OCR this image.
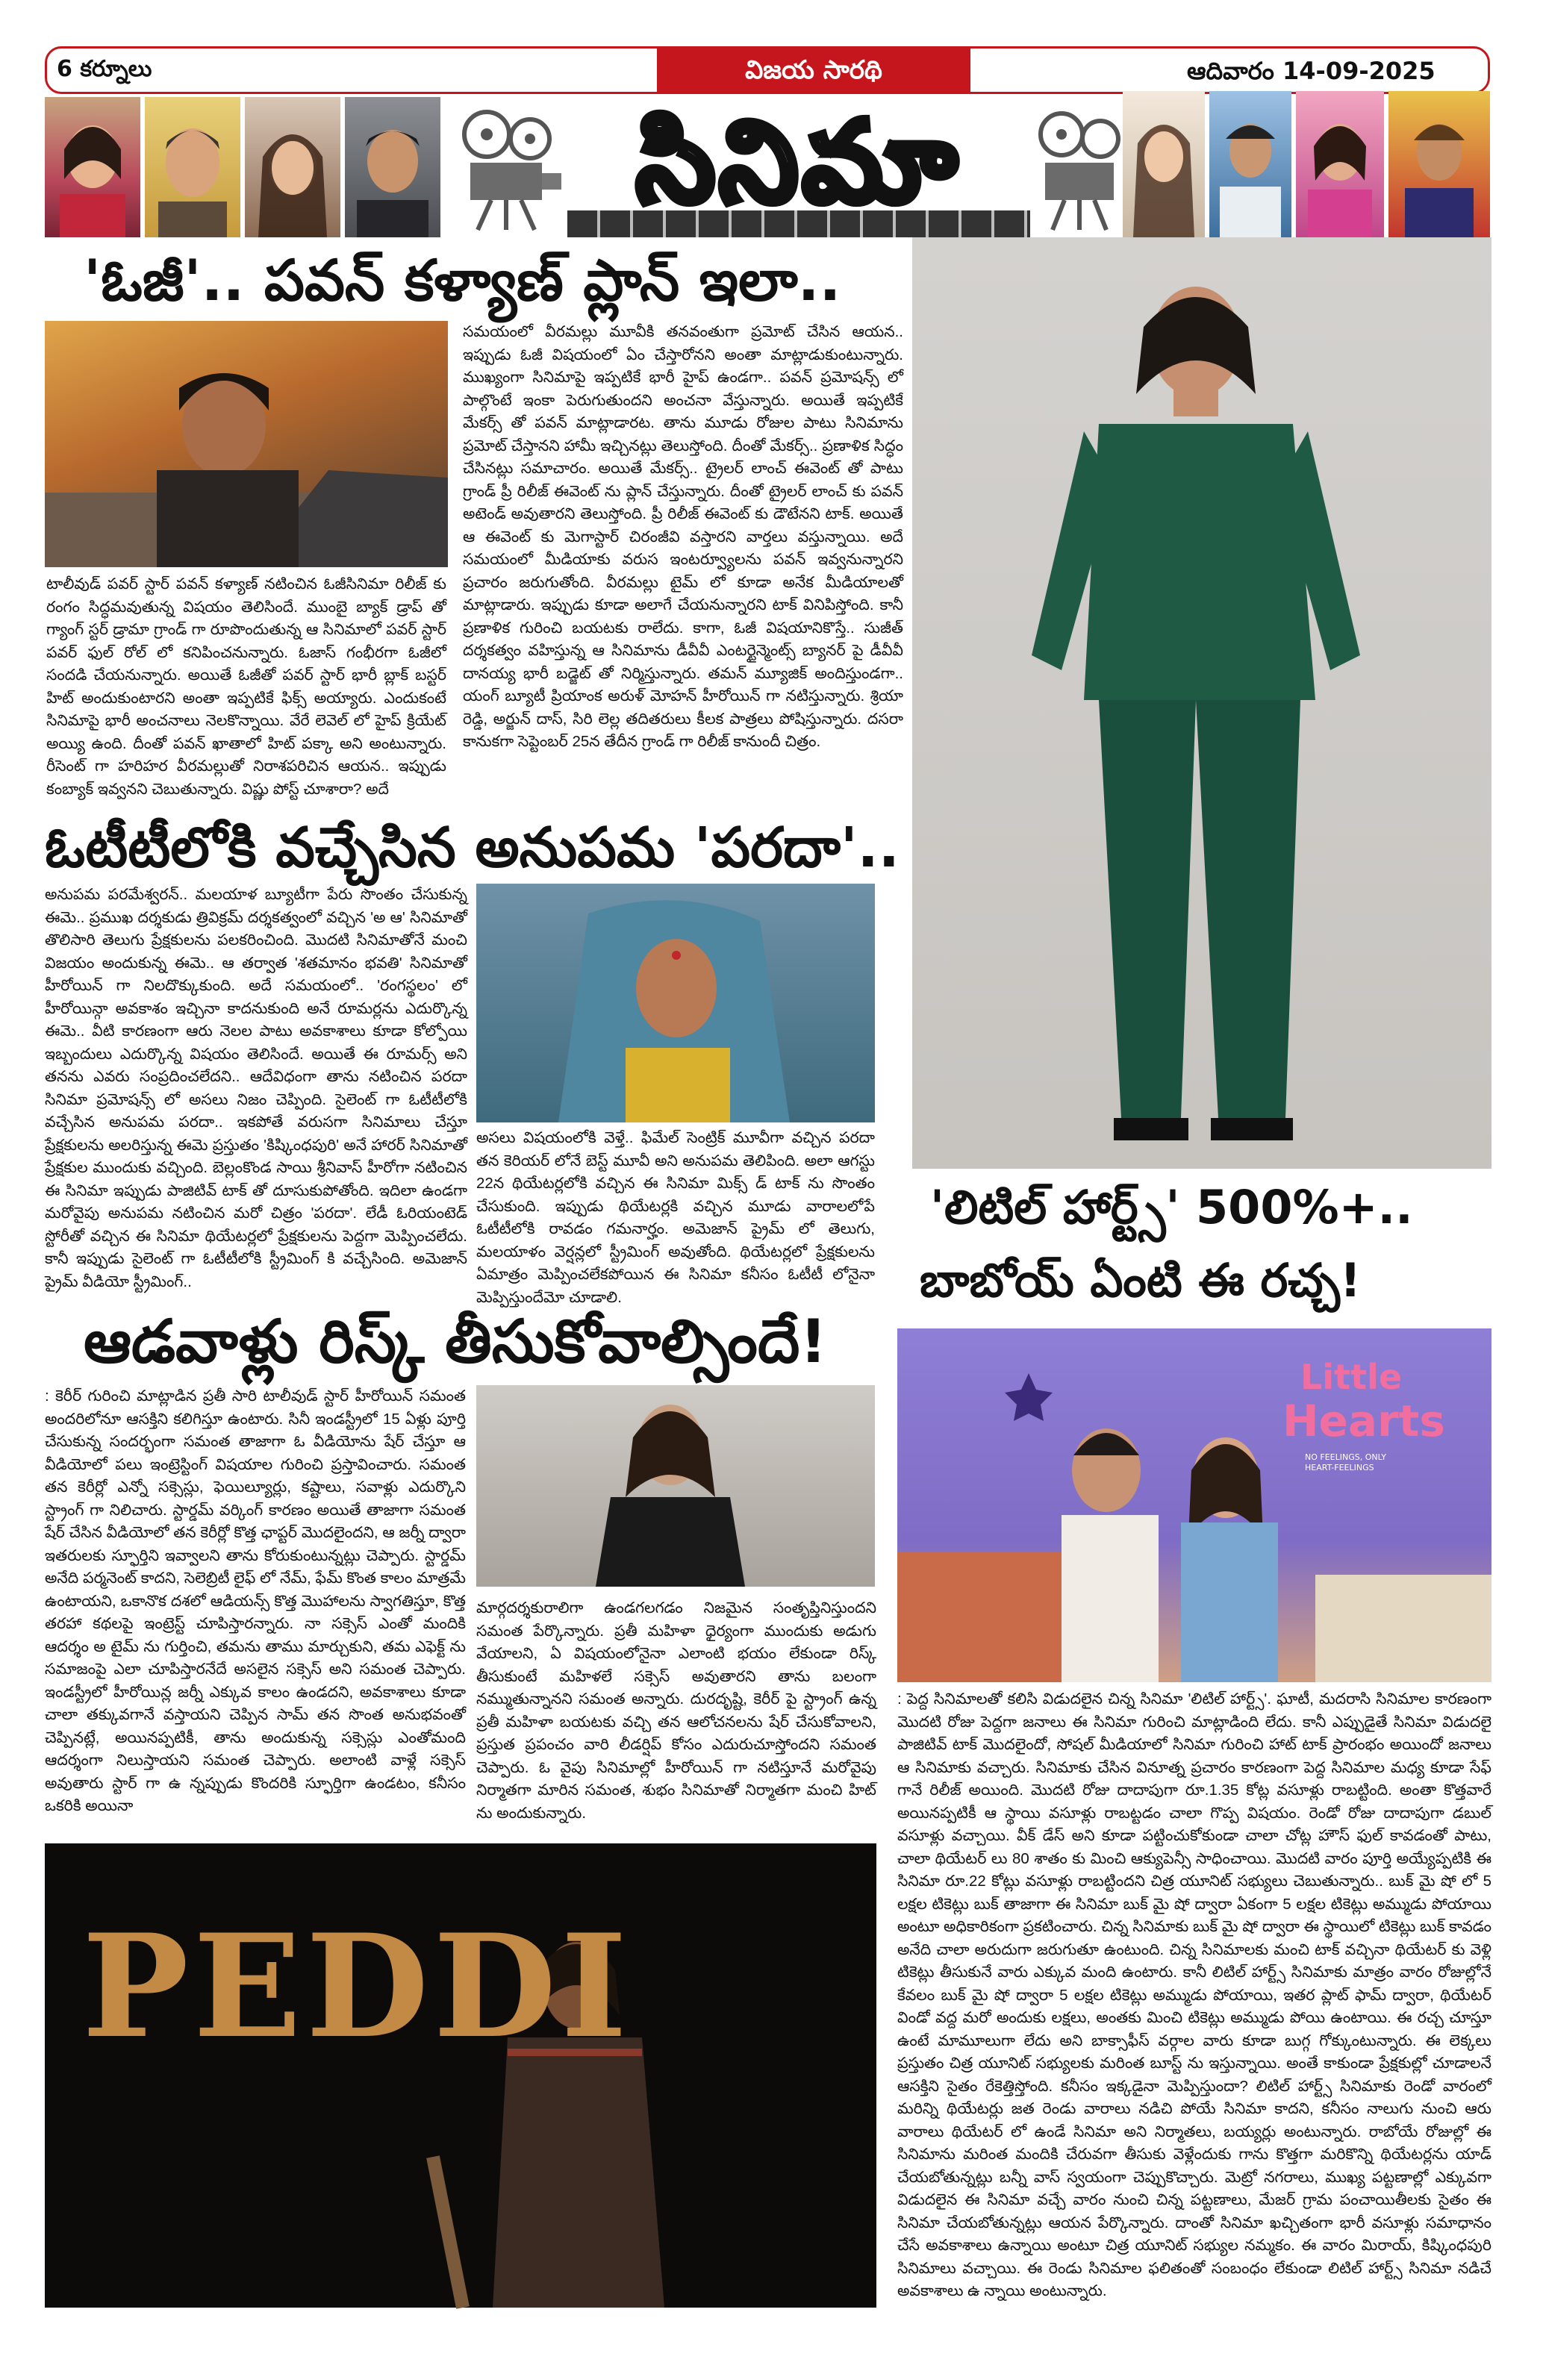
6 కర్నూలు	విజయ సారథి	ఆదివారం 14-09-2025
సినిమా
'ఓజీ'.. పవన్ కళ్యాణ్ ప్లాన్ ఇలా..
టాలీవుడ్ పవర్ స్టార్ పవన్ కళ్యాణ్ నటించిన ఓజీసినిమా రిలీజ్ కు రంగం సిద్ధమవుతున్న విషయం తెలిసిందే. ముంబై బ్యాక్ డ్రాప్ తో గ్యాంగ్ స్టర్ డ్రామా గ్రాండ్ గా రూపొందుతున్న ఆ సినిమాలో పవర్ స్టార్ పవర్ ఫుల్ రోల్ లో కనిపించనున్నారు. ఓజాస్ గంభీరగా ఓజీలో సందడి చేయనున్నారు. అయితే ఓజీతో పవర్ స్టార్ భారీ బ్లాక్ బస్టర్ హిట్ అందుకుంటారని అంతా ఇప్పటికే ఫిక్స్ అయ్యారు. ఎందుకంటే సినిమాపై భారీ అంచనాలు నెలకొన్నాయి. వేరే లెవెల్ లో హైప్ క్రియేట్ అయ్యి ఉంది. దీంతో పవన్ ఖాతాలో హిట్ పక్కా అని అంటున్నారు. రీసెంట్ గా హరిహర వీరమల్లుతో నిరాశపరిచిన ఆయన.. ఇప్పుడు కంబ్యాక్ ఇవ్వనని చెబుతున్నారు. విష్ణు పోస్ట్ చూశారా? అదే
సమయంలో వీరమల్లు మూవీకి తనవంతుగా ప్రమోట్ చేసిన ఆయన.. ఇప్పుడు ఓజీ విషయంలో ఏం చేస్తారోనని అంతా మాట్లాడుకుంటున్నారు. ముఖ్యంగా సినిమాపై ఇప్పటికే భారీ హైప్ ఉండగా.. పవన్ ప్రమోషన్స్ లో పాల్గొంటే ఇంకా పెరుగుతుందని అంచనా వేస్తున్నారు. అయితే ఇప్పటికే మేకర్స్ తో పవన్ మాట్లాడారట. తాను మూడు రోజుల పాటు సినిమాను ప్రమోట్ చేస్తానని హామీ ఇచ్చినట్లు తెలుస్తోంది. దీంతో మేకర్స్.. ప్రణాళిక సిద్ధం చేసినట్లు సమాచారం. అయితే మేకర్స్.. ట్రైలర్ లాంచ్ ఈవెంట్ తో పాటు గ్రాండ్ ప్రీ రిలీజ్ ఈవెంట్ ను ప్లాన్ చేస్తున్నారు. దీంతో ట్రైలర్ లాంచ్ కు పవన్ అటెండ్ అవుతారని తెలుస్తోంది. ప్రీ రిలీజ్ ఈవెంట్ కు డౌటేనని టాక్. అయితే ఆ ఈవెంట్ కు మెగాస్టార్ చిరంజీవి వస్తారని వార్తలు వస్తున్నాయి. అదే సమయంలో మీడియాకు వరుస ఇంటర్వ్యూలను పవన్ ఇవ్వనున్నారని ప్రచారం జరుగుతోంది. వీరమల్లు టైమ్ లో కూడా అనేక మీడియాలతో మాట్లాడారు. ఇప్పుడు కూడా అలాగే చేయనున్నారని టాక్ వినిపిస్తోంది. కానీ ప్రణాళిక గురించి బయటకు రాలేదు. కాగా, ఓజీ విషయానికొస్తే.. సుజీత్ దర్శకత్వం వహిస్తున్న ఆ సినిమాను డీవీవీ ఎంటర్టైన్మెంట్స్ బ్యానర్ పై డీవీవీ దానయ్య భారీ బడ్జెట్ తో నిర్మిస్తున్నారు. తమన్ మ్యూజిక్ అందిస్తుండగా.. యంగ్ బ్యూటీ ప్రియాంక అరుళ్ మోహన్ హీరోయిన్ గా నటిస్తున్నారు. శ్రియా రెడ్డి, అర్జున్ దాస్, సిరి లెల్ల తదితరులు కీలక పాత్రలు పోషిస్తున్నారు. దసరా కానుకగా సెప్టెంబర్ 25న తేదీన గ్రాండ్ గా రిలీజ్ కానుందీ చిత్రం.
ఓటీటీలోకి వచ్చేసిన అనుపమ 'పరదా'..
అనుపమ పరమేశ్వరన్.. మలయాళ బ్యూటీగా పేరు సొంతం చేసుకున్న ఈమె.. ప్రముఖ దర్శకుడు త్రివిక్రమ్ దర్శకత్వంలో వచ్చిన 'అ ఆ' సినిమాతో తొలిసారి తెలుగు ప్రేక్షకులను పలకరించింది. మొదటి సినిమాతోనే మంచి విజయం అందుకున్న ఈమె.. ఆ తర్వాత 'శతమానం భవతి' సినిమాతో హీరోయిన్ గా నిలదొక్కుకుంది. అదే సమయంలో.. 'రంగస్థలం' లో హీరోయిన్గా అవకాశం ఇచ్చినా కాదనుకుంది అనే రూమర్లను ఎదుర్కొన్న ఈమె.. వీటి కారణంగా ఆరు నెలల పాటు అవకాశాలు కూడా కోల్పోయి ఇబ్బందులు ఎదుర్కొన్న విషయం తెలిసిందే. అయితే ఈ రూమర్స్ అని తనను ఎవరు సంప్రదించలేదని.. ఆదేవిధంగా తాను నటించిన పరదా సినిమా ప్రమోషన్స్ లో అసలు నిజం చెప్పింది. సైలెంట్ గా ఓటీటీలోకి వచ్చేసిన అనుపమ పరదా.. ఇకపోతే వరుసగా సినిమాలు చేస్తూ ప్రేక్షకులను అలరిస్తున్న ఈమె ప్రస్తుతం 'కిష్కింధపురి' అనే హారర్ సినిమాతో ప్రేక్షకుల ముందుకు వచ్చింది. బెల్లంకొండ సాయి శ్రీనివాస్ హీరోగా నటించిన ఈ సినిమా ఇప్పుడు పాజిటివ్ టాక్ తో దూసుకుపోతోంది. ఇదిలా ఉండగా మరోవైపు అనుపమ నటించిన మరో చిత్రం 'పరదా'. లేడీ ఓరియంటెడ్ స్టోరీతో వచ్చిన ఈ సినిమా థియేటర్లలో ప్రేక్షకులను పెద్దగా మెప్పించలేదు. కానీ ఇప్పుడు సైలెంట్ గా ఓటీటీలోకి స్ట్రీమింగ్ కి వచ్చేసింది. అమెజాన్ ప్రైమ్ వీడియో స్ట్రీమింగ్..
అసలు విషయంలోకి వెళ్తే.. ఫిమేల్ సెంట్రిక్ మూవీగా వచ్చిన పరదా తన కెరియర్ లోనే బెస్ట్ మూవీ అని అనుపమ తెలిపింది. అలా ఆగస్టు 22న థియేటర్లలోకి వచ్చిన ఈ సినిమా మిక్స్ డ్ టాక్ ను సొంతం చేసుకుంది. ఇప్పుడు థియేటర్లకి వచ్చిన మూడు వారాలలోపే ఓటీటీలోకి రావడం గమనార్హం. అమెజాన్ ప్రైమ్ లో తెలుగు, మలయాళం వెర్షన్లలో స్ట్రీమింగ్ అవుతోంది. థియేటర్లలో ప్రేక్షకులను ఏమాత్రం మెప్పించలేకపోయిన ఈ సినిమా కనీసం ఓటీటీ లోనైనా మెప్పిస్తుందేమో చూడాలి.
'లిటిల్ హార్ట్స్' 500%+..
బాబోయ్ ఏంటి ఈ రచ్చ!
ఆడవాళ్లు రిస్క్ తీసుకోవాల్సిందే!
: కెరీర్ గురించి మాట్లాడిన ప్రతీ సారి టాలీవుడ్ స్టార్ హీరోయిన్ సమంత అందరిలోనూ ఆసక్తిని కలిగిస్తూ ఉంటారు. సినీ ఇండస్ట్రీలో 15 ఏళ్లు పూర్తి చేసుకున్న సందర్భంగా సమంత తాజాగా ఓ వీడియోను షేర్ చేస్తూ ఆ వీడియోలో పలు ఇంట్రెస్టింగ్ విషయాల గురించి ప్రస్తావించారు. సమంత తన కెరీర్లో ఎన్నో సక్సెస్లు, ఫెయిల్యూర్లు, కష్టాలు, సవాళ్లు ఎదుర్కొని స్ట్రాంగ్ గా నిలిచారు. స్టార్డమ్ వర్కింగ్ కారణం అయితే తాజాగా సమంత షేర్ చేసిన వీడియోలో తన కెరీర్లో కొత్త ఛాప్టర్ మొదలైందని, ఆ జర్నీ ద్వారా ఇతరులకు స్ఫూర్తిని ఇవ్వాలని తాను కోరుకుంటున్నట్లు చెప్పారు. స్టార్డమ్ అనేది పర్మనెంట్ కాదని, సెలెబ్రిటీ లైఫ్ లో నేమ్, ఫేమ్ కొంత కాలం మాత్రమే ఉంటాయని, ఒకానొక దశలో ఆడియన్స్ కొత్త మొహాలను స్వాగతిస్తూ, కొత్త తరహా కథలపై ఇంట్రెస్ట్ చూపిస్తారన్నారు. నా సక్సెస్ ఎంతో మందికి ఆదర్శం అ టైమ్ ను గుర్తించి, తమను తాము మార్చుకుని, తమ ఎఫెక్ట్ ను సమాజంపై ఎలా చూపిస్తారనేదే అసలైన సక్సెస్ అని సమంత చెప్పారు. ఇండస్ట్రీలో హీరోయిన్ల జర్నీ ఎక్కువ కాలం ఉండదని, అవకాశాలు కూడా చాలా తక్కువగానే వస్తాయని చెప్పిన సామ్ తన సొంత అనుభవంతో చెప్పినట్లే, అయినప్పటికీ, తాను అందుకున్న సక్సెస్లు ఎంతోమంది ఆదర్శంగా నిలుస్తాయని సమంత చెప్పారు. అలాంటి వాళ్లే సక్సెస్ అవుతారు స్టార్ గా ఉ న్నప్పుడు కొందరికి స్ఫూర్తిగా ఉండటం, కనీసం ఒకరికి అయినా
మార్గదర్శకురాలిగా ఉండగలగడం నిజమైన సంతృప్తినిస్తుందని సమంత పేర్కొన్నారు. ప్రతీ మహిళా ధైర్యంగా ముందుకు అడుగు వేయాలని, ఏ విషయంలోనైనా ఎలాంటి భయం లేకుండా రిస్క్ తీసుకుంటే మహిళలే సక్సెస్ అవుతారని తాను బలంగా నమ్ముతున్నానని సమంత అన్నారు. దురదృష్టి, కెరీర్ పై స్ట్రాంగ్ ఉన్న ప్రతీ మహిళా బయటకు వచ్చి తన ఆలోచనలను షేర్ చేసుకోవాలని, ప్రస్తుత ప్రపంచం వారి లీడర్షిప్ కోసం ఎదురుచూస్తోందని సమంత చెప్పారు. ఓ వైపు సినిమాల్లో హీరోయిన్ గా నటిస్తూనే మరోవైపు నిర్మాతగా మారిన సమంత, శుభం సినిమాతో నిర్మాతగా మంచి హిట్ ను అందుకున్నారు.
Little
Hearts
NO FEELINGS, ONLY HEART-FEELINGS
: పెద్ద సినిమాలతో కలిసి విడుదలైన చిన్న సినిమా 'లిటిల్ హార్ట్స్'. ఘాటీ, మదరాసి సినిమాల కారణంగా మొదటి రోజు పెద్దగా జనాలు ఈ సినిమా గురించి మాట్లాడింది లేదు. కానీ ఎప్పుడైతే సినిమా విడుదలై పాజిటివ్ టాక్ మొదలైందో, సోషల్ మీడియాలో సినిమా గురించి హాట్ టాక్ ప్రారంభం అయిందో జనాలు ఆ సినిమాకు వచ్చారు. సినిమాకు చేసిన వినూత్న ప్రచారం కారణంగా పెద్ద సినిమాల మధ్య కూడా సేఫ్ గానే రిలీజ్ అయింది. మొదటి రోజు దాదాపుగా రూ.1.35 కోట్ల వసూళ్లు రాబట్టింది. అంతా కొత్తవారే అయినప్పటికీ ఆ స్థాయి వసూళ్లు రాబట్టడం చాలా గొప్ప విషయం. రెండో రోజు దాదాపుగా డబుల్ వసూళ్లు వచ్చాయి. వీక్ డేస్ అని కూడా పట్టించుకోకుండా చాలా చోట్ల హౌస్ ఫుల్ కావడంతో పాటు, చాలా థియేటర్ లు 80 శాతం కు మించి ఆక్యుపెన్సీ సాధించాయి. మొదటి వారం పూర్తి అయ్యేప్పటికి ఈ సినిమా రూ.22 కోట్లు వసూళ్లు రాబట్టిందని చిత్ర యూనిట్ సభ్యులు చెబుతున్నారు.. బుక్ మై షో లో 5 లక్షల టికెట్లు బుక్ తాజాగా ఈ సినిమా బుక్ మై షో ద్వారా ఏకంగా 5 లక్షల టికెట్లు అమ్ముడు పోయాయి అంటూ అధికారికంగా ప్రకటించారు. చిన్న సినిమాకు బుక్ మై షో ద్వారా ఈ స్థాయిలో టికెట్లు బుక్ కావడం అనేది చాలా అరుదుగా జరుగుతూ ఉంటుంది. చిన్న సినిమాలకు మంచి టాక్ వచ్చినా థియేటర్ కు వెళ్లి టికెట్లు తీసుకునే వారు ఎక్కువ మంది ఉంటారు. కానీ లిటిల్ హార్ట్స్ సినిమాకు మాత్రం వారం రోజుల్లోనే కేవలం బుక్ మై షో ద్వారా 5 లక్షల టికెట్లు అమ్ముడు పోయాయి, ఇతర ప్లాట్ ఫామ్ ద్వారా, థియేటర్ విండో వద్ద మరో అందుకు లక్షలు, అంతకు మించి టికెట్లు అమ్ముడు పోయి ఉంటాయి. ఈ రచ్చ చూస్తూ ఉంటే మామూలుగా లేదు అని బాక్సాఫీస్ వర్గాల వారు కూడా బుగ్గ గోక్కుంటున్నారు. ఈ లెక్కలు ప్రస్తుతం చిత్ర యూనిట్ సభ్యులకు మరింత బూస్ట్ ను ఇస్తున్నాయి. అంతే కాకుండా ప్రేక్షకుల్లో చూడాలనే ఆసక్తిని సైతం రేకెత్తిస్తోంది. కనీసం ఇక్కడైనా మెప్పిస్తుందా? లిటిల్ హార్ట్స్ సినిమాకు రెండో వారంలో మరిన్ని థియేటర్లు జత రెండు వారాలు నడిచి పోయే సినిమా కాదని, కనీసం నాలుగు నుంచి ఆరు వారాలు థియేటర్ లో ఉండే సినిమా అని నిర్మాతలు, బయ్యర్లు అంటున్నారు. రాబోయే రోజుల్లో ఈ సినిమాను మరింత మందికి చేరువగా తీసుకు వెళ్లేందుకు గాను కొత్తగా మరికొన్ని థియేటర్లను యాడ్ చేయబోతున్నట్లు బన్నీ వాస్ స్వయంగా చెప్పుకొచ్చారు. మెట్రో నగరాలు, ముఖ్య పట్టణాల్లో ఎక్కువగా విడుదలైన ఈ సినిమా వచ్చే వారం నుంచి చిన్న పట్టణాలు, మేజర్ గ్రామ పంచాయితీలకు సైతం ఈ సినిమా చేయబోతున్నట్లు ఆయన పేర్కొన్నారు. దాంతో సినిమా ఖచ్చితంగా భారీ వసూళ్లు సమాధానం చేసే అవకాశాలు ఉన్నాయి అంటూ చిత్ర యూనిట్ సభ్యుల నమ్మకం. ఈ వారం మిరాయ్, కిష్కింధపురి సినిమాలు వచ్చాయి. ఈ రెండు సినిమాల ఫలితంతో సంబంధం లేకుండా లిటిల్ హార్ట్స్ సినిమా నడిచే అవకాశాలు ఉ న్నాయి అంటున్నారు.
PEDDI
